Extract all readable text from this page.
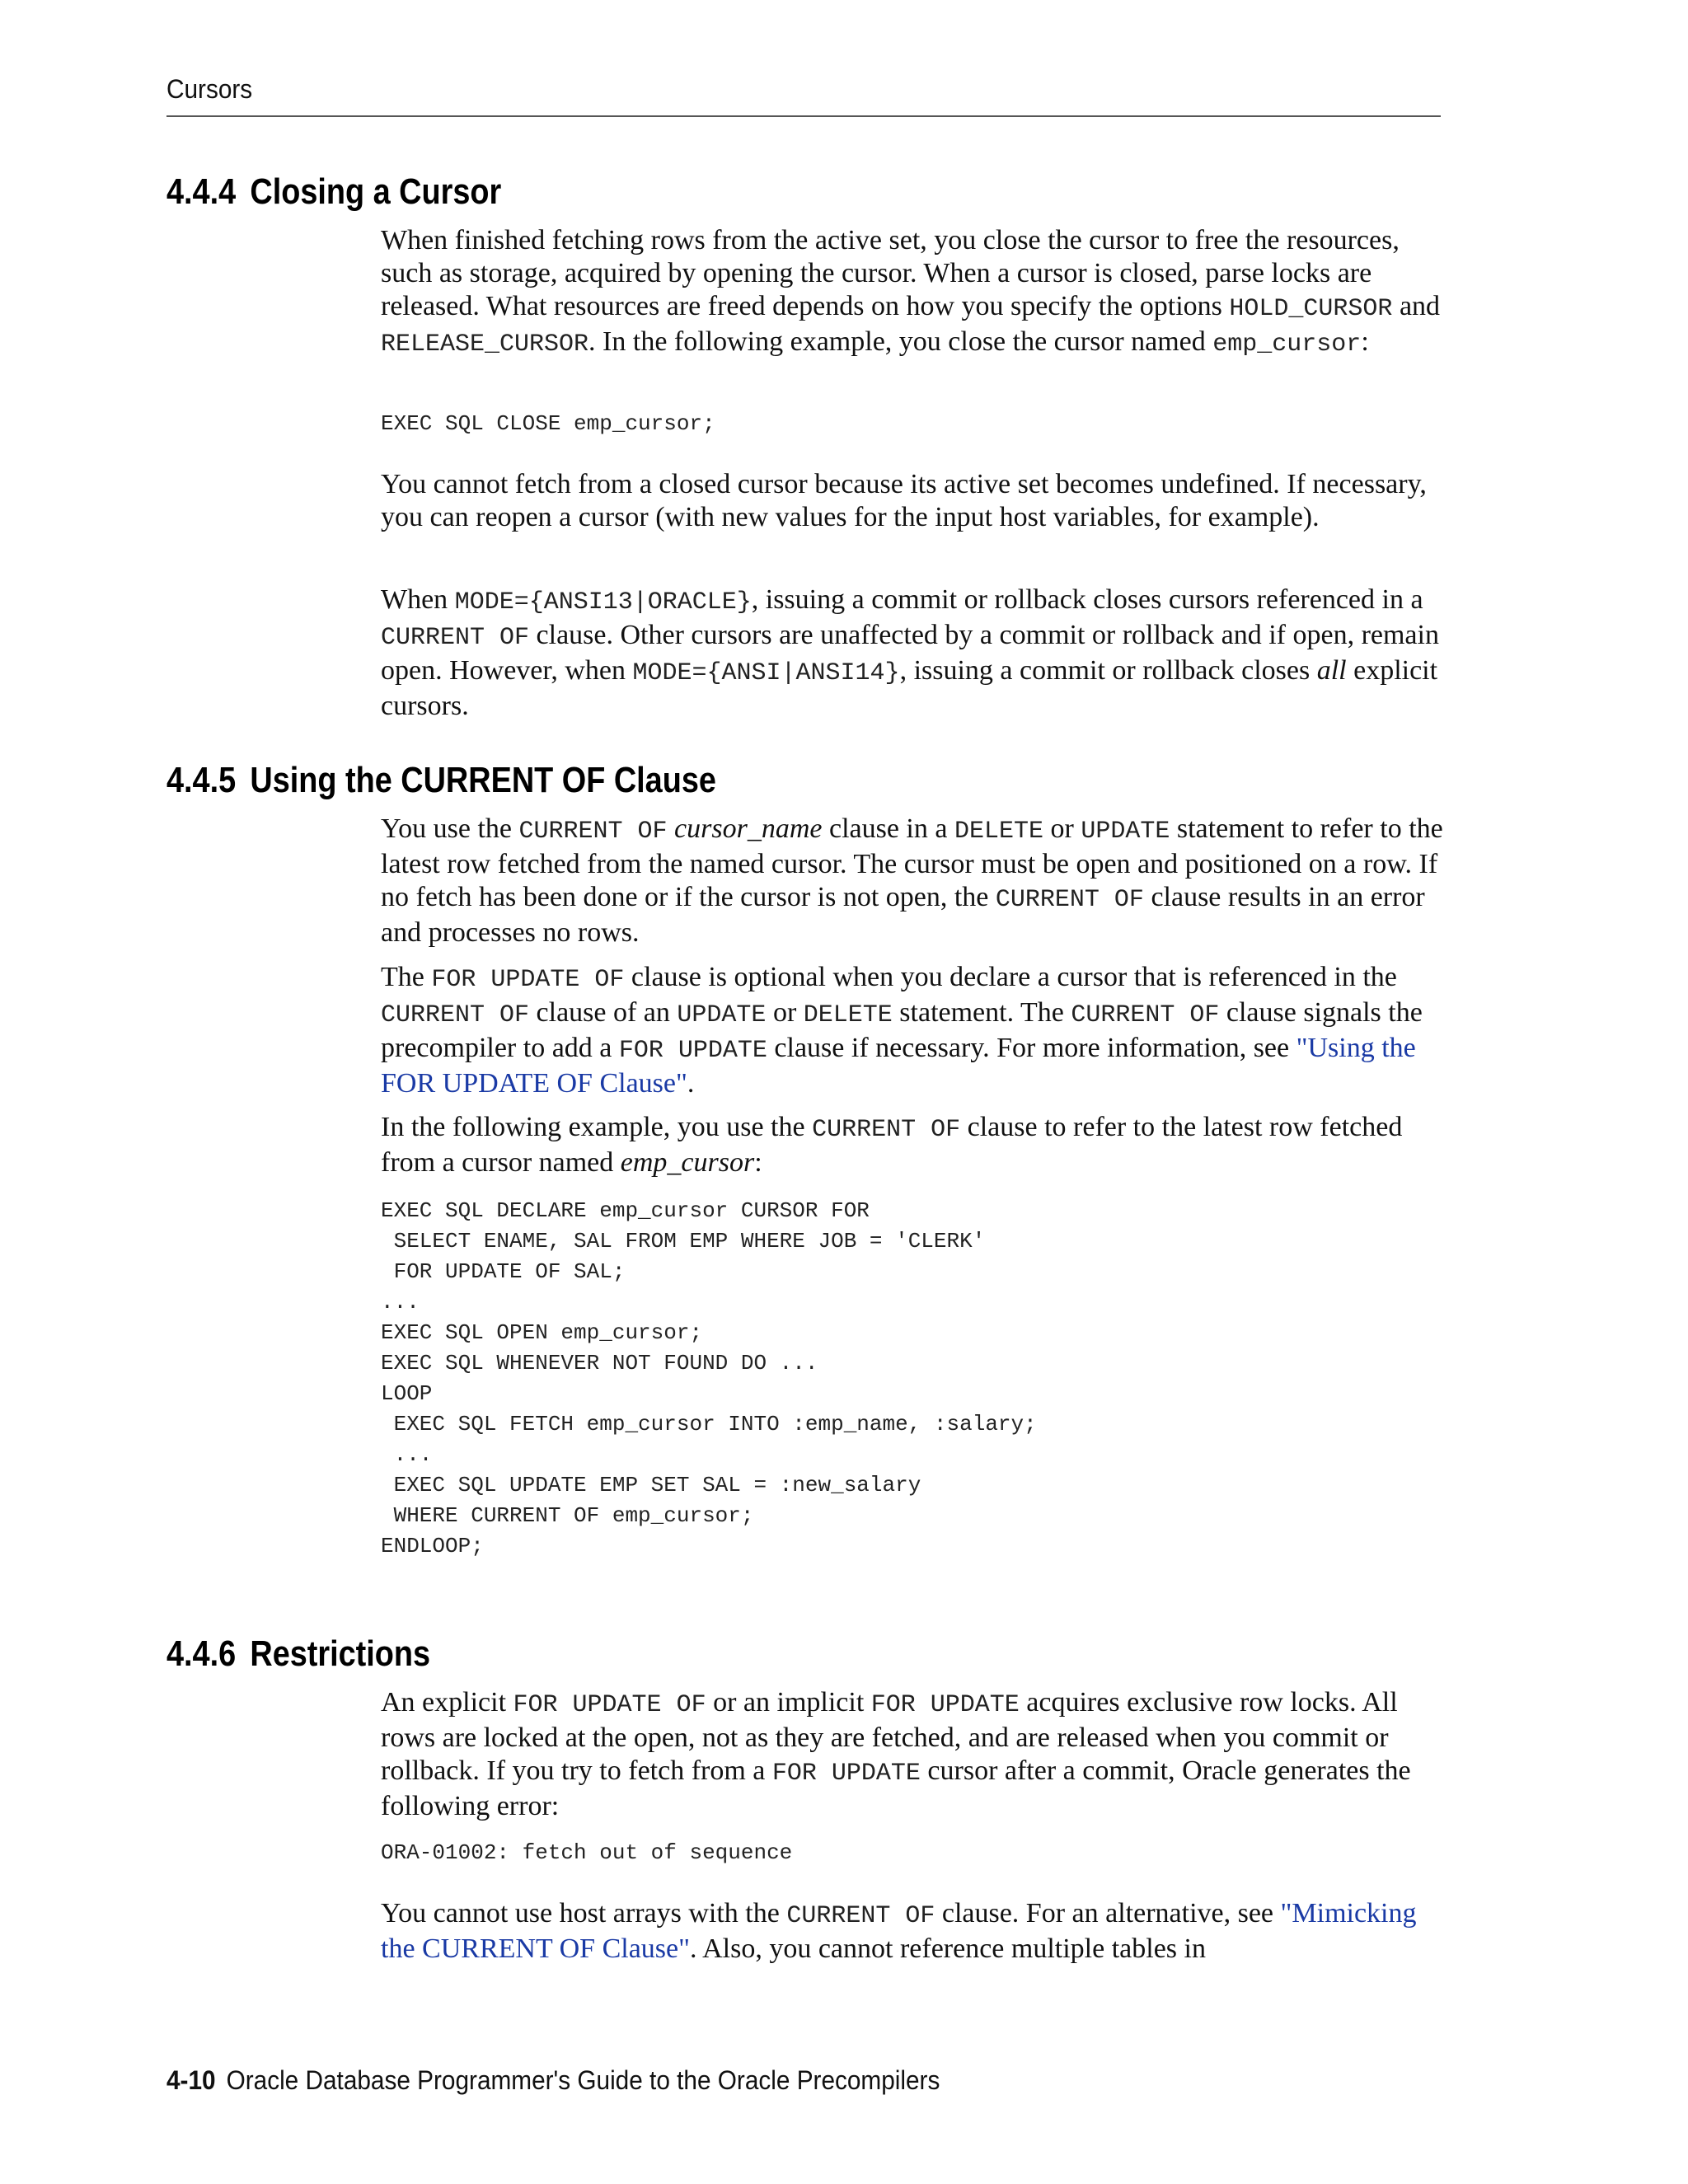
Cursors
4.4.4 Closing a Cursor

When finished fetching rows from the active set, you close the cursor to free the resources, such as storage, acquired by opening the cursor. When a cursor is closed, parse locks are released. What resources are freed depends on how you specify the options HOLD_CURSOR and RELEASE_CURSOR. In the following example, you close the cursor named emp_cursor:

EXEC SQL CLOSE emp_cursor;

You cannot fetch from a closed cursor because its active set becomes undefined. If necessary, you can reopen a cursor (with new values for the input host variables, for example).

When MODE={ANSI13|ORACLE}, issuing a commit or rollback closes cursors referenced in a CURRENT OF clause. Other cursors are unaffected by a commit or rollback and if open, remain open. However, when MODE={ANSI|ANSI14}, issuing a commit or rollback closes all explicit cursors.

4.4.5 Using the CURRENT OF Clause

You use the CURRENT OF cursor_name clause in a DELETE or UPDATE statement to refer to the latest row fetched from the named cursor. The cursor must be open and positioned on a row. If no fetch has been done or if the cursor is not open, the CURRENT OF clause results in an error and processes no rows.

The FOR UPDATE OF clause is optional when you declare a cursor that is referenced in the CURRENT OF clause of an UPDATE or DELETE statement. The CURRENT OF clause signals the precompiler to add a FOR UPDATE clause if necessary. For more information, see "Using the FOR UPDATE OF Clause".

In the following example, you use the CURRENT OF clause to refer to the latest row fetched from a cursor named emp_cursor:

EXEC SQL DECLARE emp_cursor CURSOR FOR
SELECT ENAME, SAL FROM EMP WHERE JOB = 'CLERK'
FOR UPDATE OF SAL;
...
EXEC SQL OPEN emp_cursor;
EXEC SQL WHENEVER NOT FOUND DO ...
LOOP
EXEC SQL FETCH emp_cursor INTO :emp_name, :salary;
...
EXEC SQL UPDATE EMP SET SAL = :new_salary
WHERE CURRENT OF emp_cursor;
ENDLOOP;
4.4.6 Restrictions

An explicit FOR UPDATE OF or an implicit FOR UPDATE acquires exclusive row locks. All rows are locked at the open, not as they are fetched, and are released when you commit or rollback. If you try to fetch from a FOR UPDATE cursor after a commit, Oracle generates the following error:

ORA-01002: fetch out of sequence

You cannot use host arrays with the CURRENT OF clause. For an alternative, see "Mimicking the CURRENT OF Clause". Also, you cannot reference multiple tables in

4-10 Oracle Database Programmer's Guide to the Oracle Precompilers
